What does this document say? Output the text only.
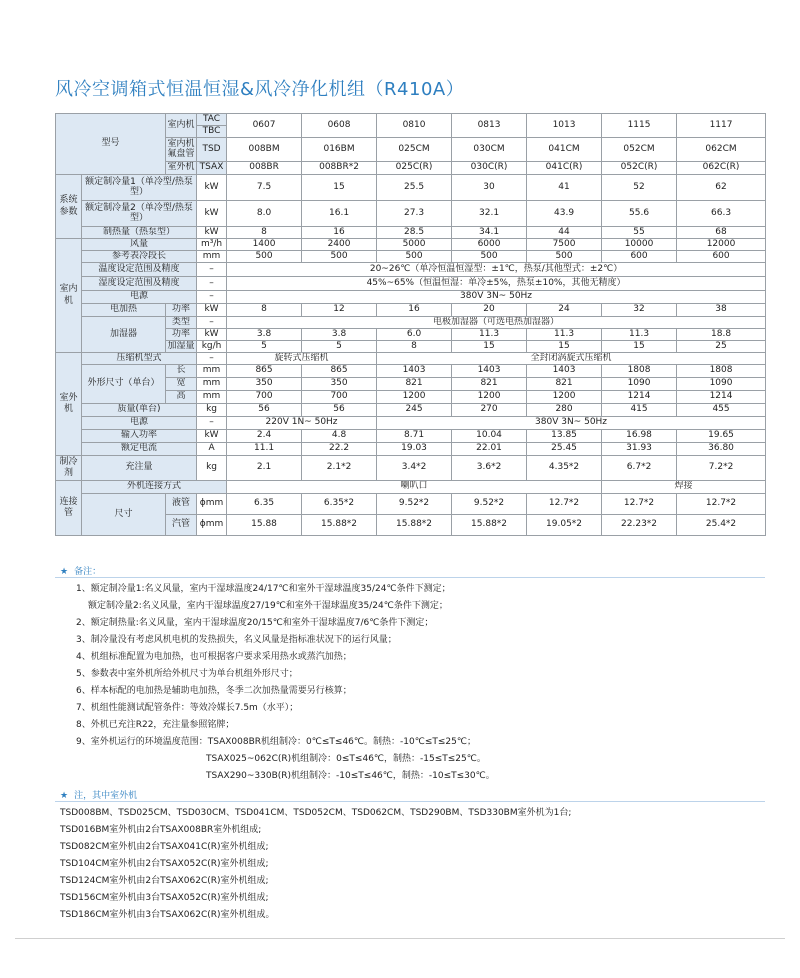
风冷空调箱式恒温恒湿&风冷净化机组（R410A）
型号		室内机	TAC	0607	0608	0810	0813	1013	1115	1117
			TBC							
		室内机氟盘管	TSD	008BM	016BM	025CM	030CM	041CM	052CM	062CM

		室外机	TSAX	008BR	008BR*2	025C(R)	030C(R)	041C(R)	052C(R)	062C(R)
系统参数	额定制冷量1（单冷型/热泵型）		kW	7.5	15	25.5	30	41	52	62
	额定制冷量2（单冷型/热泵型）		kW	8.0	16.1	27.3	32.1	43.9	55.6	66.3
	制热量（热泵型）		kW	8	16	28.5	34.1	44	55	68
室内机	风量		m³/h	1400	2400	5000	6000	7500	10000	12000
	参考表冷段长		mm	500	500	500	500	500	600	600
	温度设定范围及精度		–	20~26℃（单冷恒温恒湿型：±1℃，热泵/其他型式：±2℃）						
	湿度设定范围及精度		–	45%~65%（恒温恒湿：单冷±5%，热泵±10%，其他无精度）						
	电源		–	380V 3N~ 50Hz						
	电加热	功率	kW	8	12	16	20	24	32	38
	加湿器	类型	–	电极加湿器（可选电热加湿器）						
		功率	kW	3.8	3.8	6.0	11.3	11.3	11.3	18.8
		加湿量	kg/h	5	5	8	15	15	15	25
室外机	压缩机型式		–	旋转式压缩机		全封闭涡旋式压缩机				
	外形尺寸（单台）	长	mm	865	865	1403	1403	1403	1808	1808
		宽	mm	350	350	821	821	821	1090	1090
		高	mm	700	700	1200	1200	1200	1214	1214
	质量(单台)		kg	56	56	245	270	280	415	455
	电源		–	220V 1N~ 50Hz		380V 3N~ 50Hz				
	输入功率		kW	2.4	4.8	8.71	10.04	13.85	16.98	19.65
	额定电流		A	11.1	22.2	19.03	22.01	25.45	31.93	36.80
制冷剂	充注量		kg	2.1	2.1*2	3.4*2	3.6*2	4.35*2	6.7*2	7.2*2
连接管	外机连接方式			喇叭口					焊接	
	尺寸	液管	ϕmm	6.35	6.35*2	9.52*2	9.52*2	12.7*2	12.7*2	12.7*2
		汽管	ϕmm	15.88	15.88*2	15.88*2	15.88*2	19.05*2	22.23*2	25.4*2
★ 备注：
1、额定制冷量1:名义风量，室内干湿球温度24/17℃和室外干湿球温度35/24℃条件下测定；
额定制冷量2:名义风量，室内干湿球温度27/19℃和室外干湿球温度35/24℃条件下测定；
2、额定制热量:名义风量，室内干湿球温度20/15℃和室外干湿球温度7/6℃条件下测定；
3、制冷量没有考虑风机电机的发热损失，名义风量是指标准状况下的运行风量；
4、机组标准配置为电加热，也可根据客户要求采用热水或蒸汽加热；
5、参数表中室外机所给外机尺寸为单台机组外形尺寸；
6、样本标配的电加热是辅助电加热，冬季二次加热量需要另行核算；
7、机组性能测试配管条件：等效冷媒长7.5m（水平）；
8、外机已充注R22，充注量参照铭牌；
9、室外机运行的环境温度范围：TSAX008BR机组制冷：0℃≤T≤46℃。制热：-10℃≤T≤25℃；
TSAX025~062C(R)机组制冷：0≤T≤46℃，制热：-15≤T≤25℃。
TSAX290~330B(R)机组制冷：-10≤T≤46℃，制热：-10≤T≤30℃。
★ 注，其中室外机
TSD008BM、TSD025CM、TSD030CM、TSD041CM、TSD052CM、TSD062CM、TSD290BM、TSD330BM室外机为1台;
TSD016BM室外机由2台TSAX008BR室外机组成;
TSD082CM室外机由2台TSAX041C(R)室外机组成;
TSD104CM室外机由2台TSAX052C(R)室外机组成;
TSD124CM室外机由2台TSAX062C(R)室外机组成;
TSD156CM室外机由3台TSAX052C(R)室外机组成;
TSD186CM室外机由3台TSAX062C(R)室外机组成。
